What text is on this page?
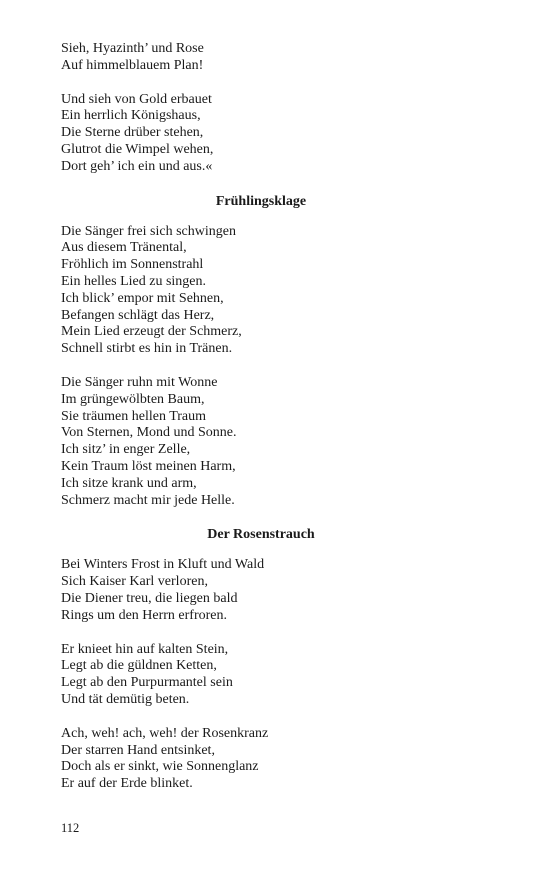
Sieh, Hyazinth’ und Rose
Auf himmelblauem Plan!
Und sieh von Gold erbauet
Ein herrlich Königshaus,
Die Sterne drüber stehen,
Glutrot die Wimpel wehen,
Dort geh’ ich ein und aus.«
Frühlingsklage
Die Sänger frei sich schwingen
Aus diesem Tränental,
Fröhlich im Sonnenstrahl
Ein helles Lied zu singen.
Ich blick’ empor mit Sehnen,
Befangen schlägt das Herz,
Mein Lied erzeugt der Schmerz,
Schnell stirbt es hin in Tränen.
Die Sänger ruhn mit Wonne
Im grüngewölbten Baum,
Sie träumen hellen Traum
Von Sternen, Mond und Sonne.
Ich sitz’ in enger Zelle,
Kein Traum löst meinen Harm,
Ich sitze krank und arm,
Schmerz macht mir jede Helle.
Der Rosenstrauch
Bei Winters Frost in Kluft und Wald
Sich Kaiser Karl verloren,
Die Diener treu, die liegen bald
Rings um den Herrn erfroren.
Er knieet hin auf kalten Stein,
Legt ab die güldnen Ketten,
Legt ab den Purpurmantel sein
Und tät demütig beten.
Ach, weh! ach, weh! der Rosenkranz
Der starren Hand entsinket,
Doch als er sinkt, wie Sonnenglanz
Er auf der Erde blinket.
112
